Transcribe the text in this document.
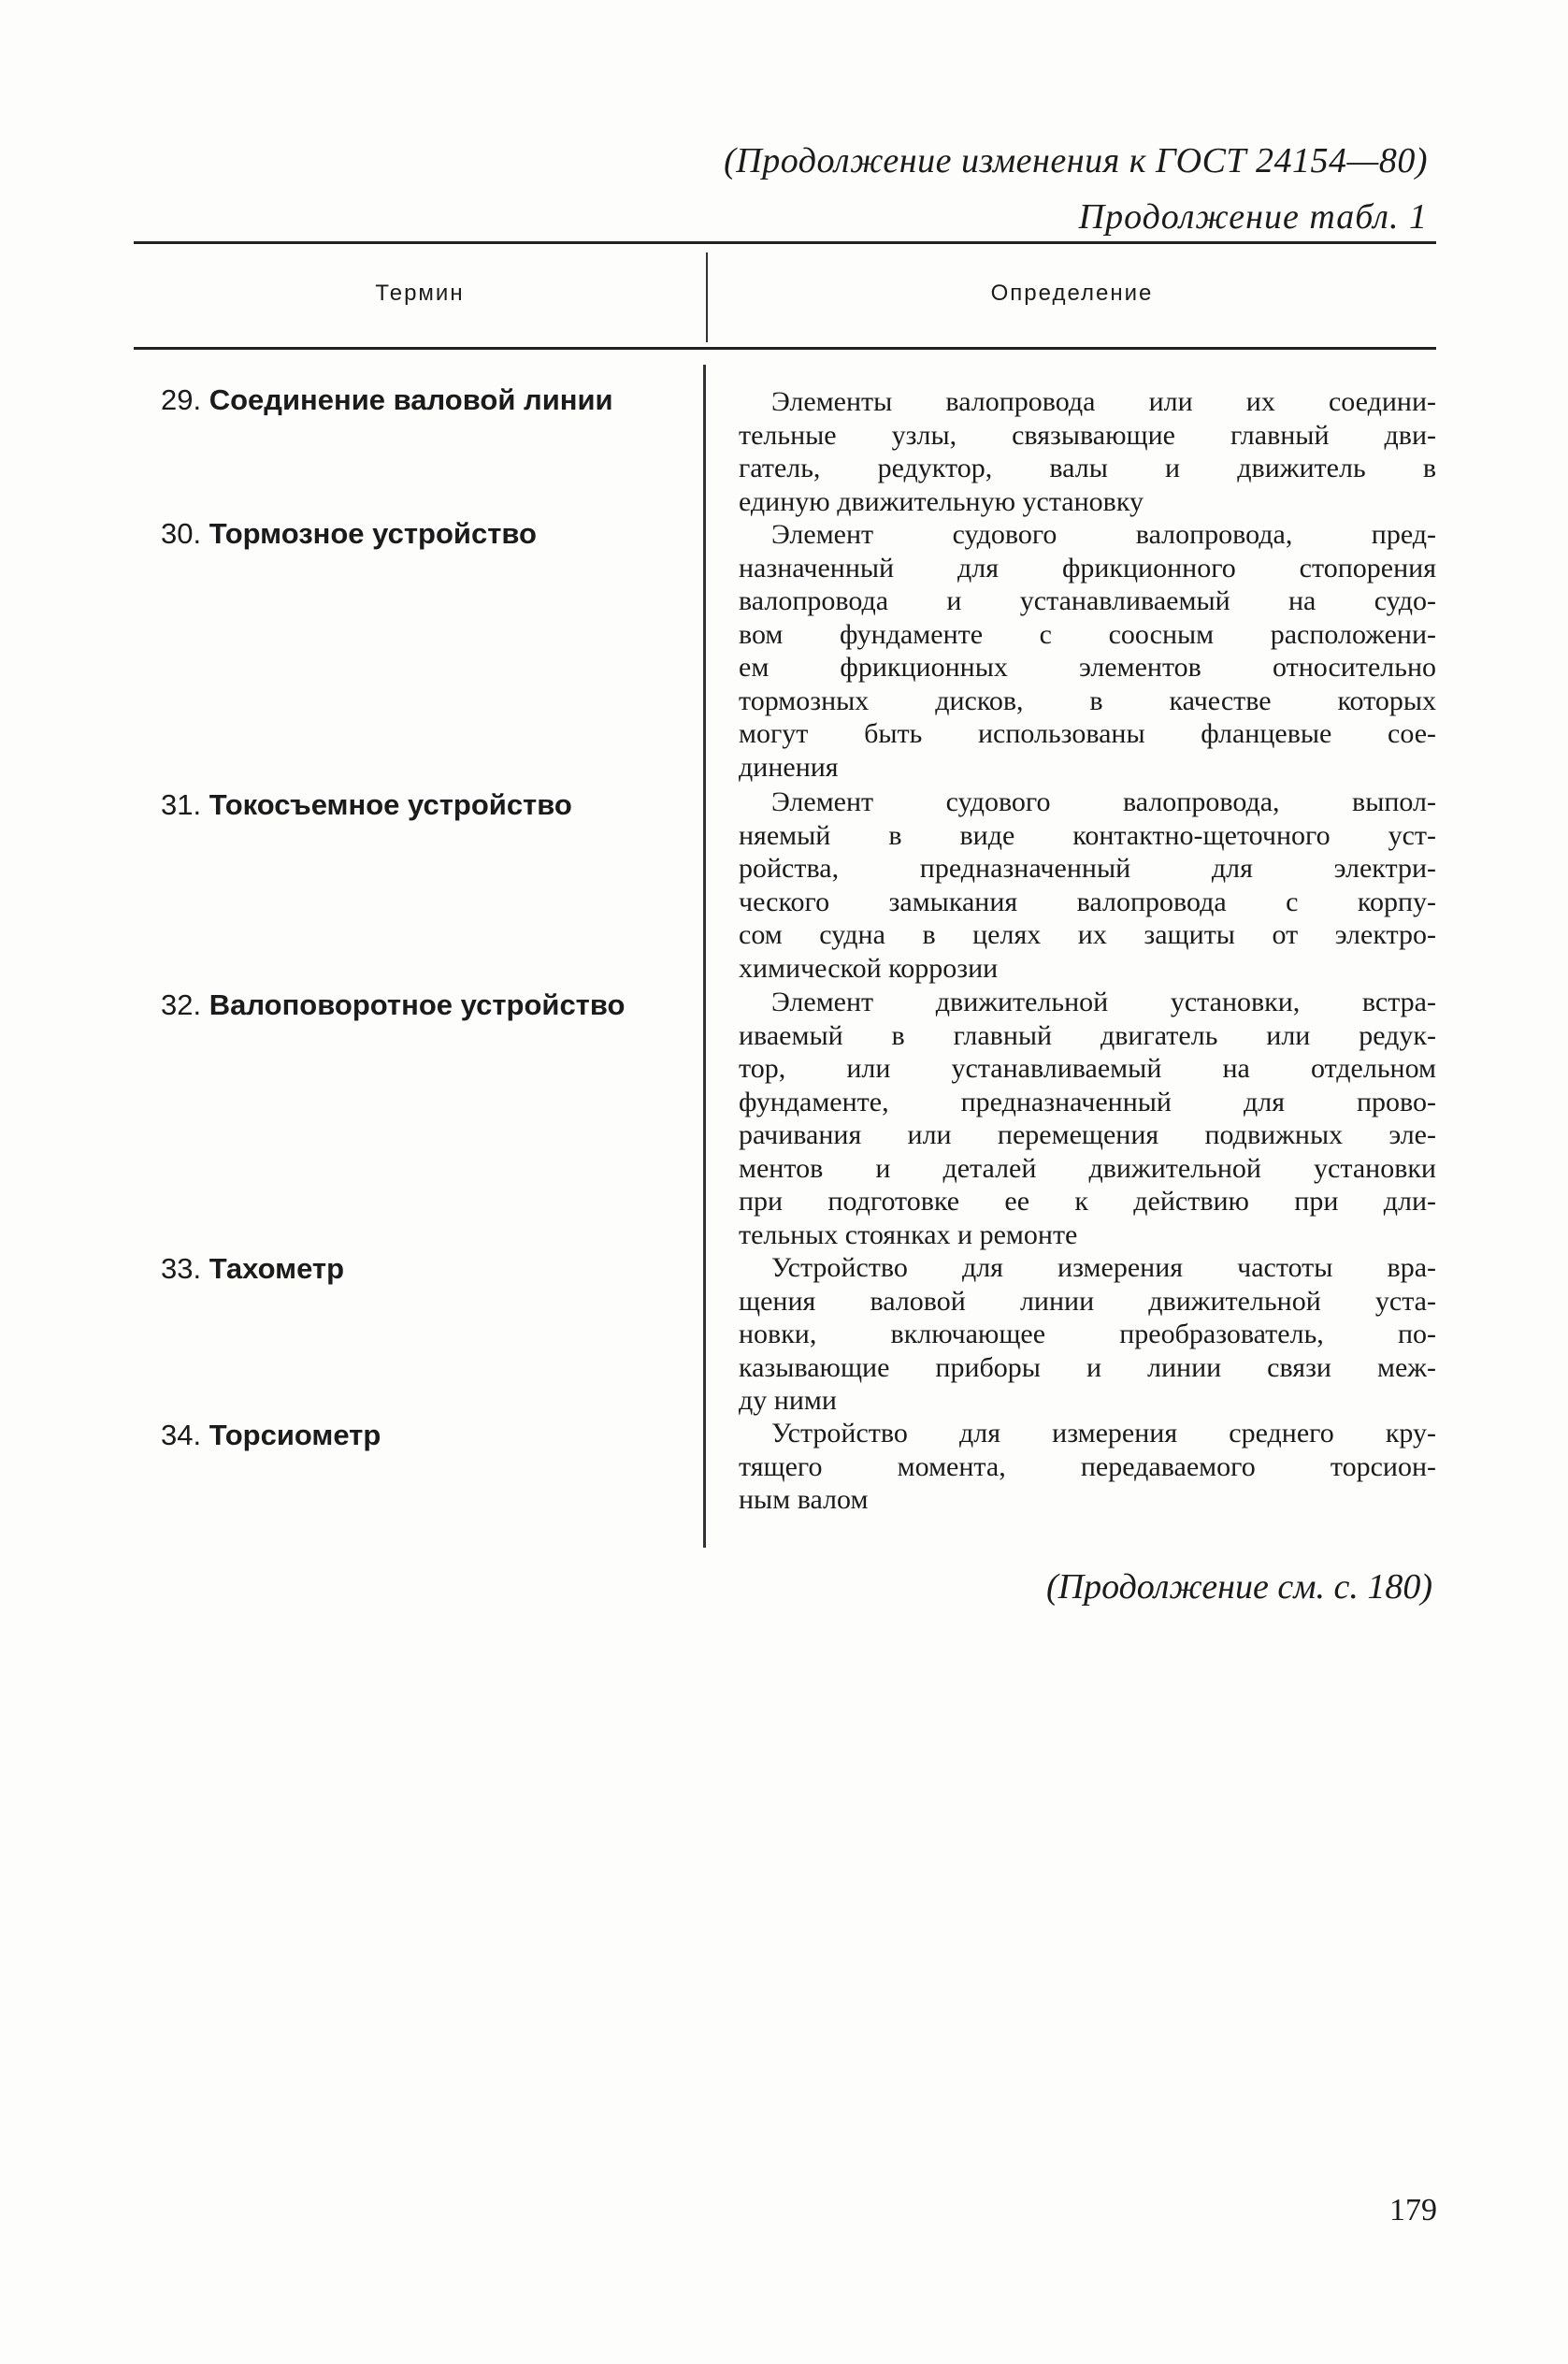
(Продолжение изменения к ГОСТ 24154—80)
Продолжение табл. 1
Термин	Определение
29. Соединение валовой линии	Элементы валопровода или их соедини-
тельные узлы, связывающие главный дви-
гатель, редуктор, валы и движитель в
единую движительную установку
30. Тормозное устройство	Элемент судового валопровода, пред-
назначенный для фрикционного стопорения
валопровода и устанавливаемый на судо-
вом фундаменте с соосным расположени-
ем фрикционных элементов относительно
тормозных дисков, в качестве которых
могут быть использованы фланцевые сое-
динения
31. Токосъемное устройство	Элемент судового валопровода, выпол-
няемый в виде контактно-щеточного уст-
ройства, предназначенный для электри-
ческого замыкания валопровода с корпу-
сом судна в целях их защиты от электро-
химической коррозии
32. Валоповоротное устройство	Элемент движительной установки, встра-
иваемый в главный двигатель или редук-
тор, или устанавливаемый на отдельном
фундаменте, предназначенный для прово-
рачивания или перемещения подвижных эле-
ментов и деталей движительной установки
при подготовке ее к действию при дли-
тельных стоянках и ремонте
33. Тахометр	Устройство для измерения частоты вра-
щения валовой линии движительной уста-
новки, включающее преобразователь, по-
казывающие приборы и линии связи меж-
ду ними
34. Торсиометр	Устройство для измерения среднего кру-
тящего момента, передаваемого торсион-
ным валом
(Продолжение см. с. 180)
179
